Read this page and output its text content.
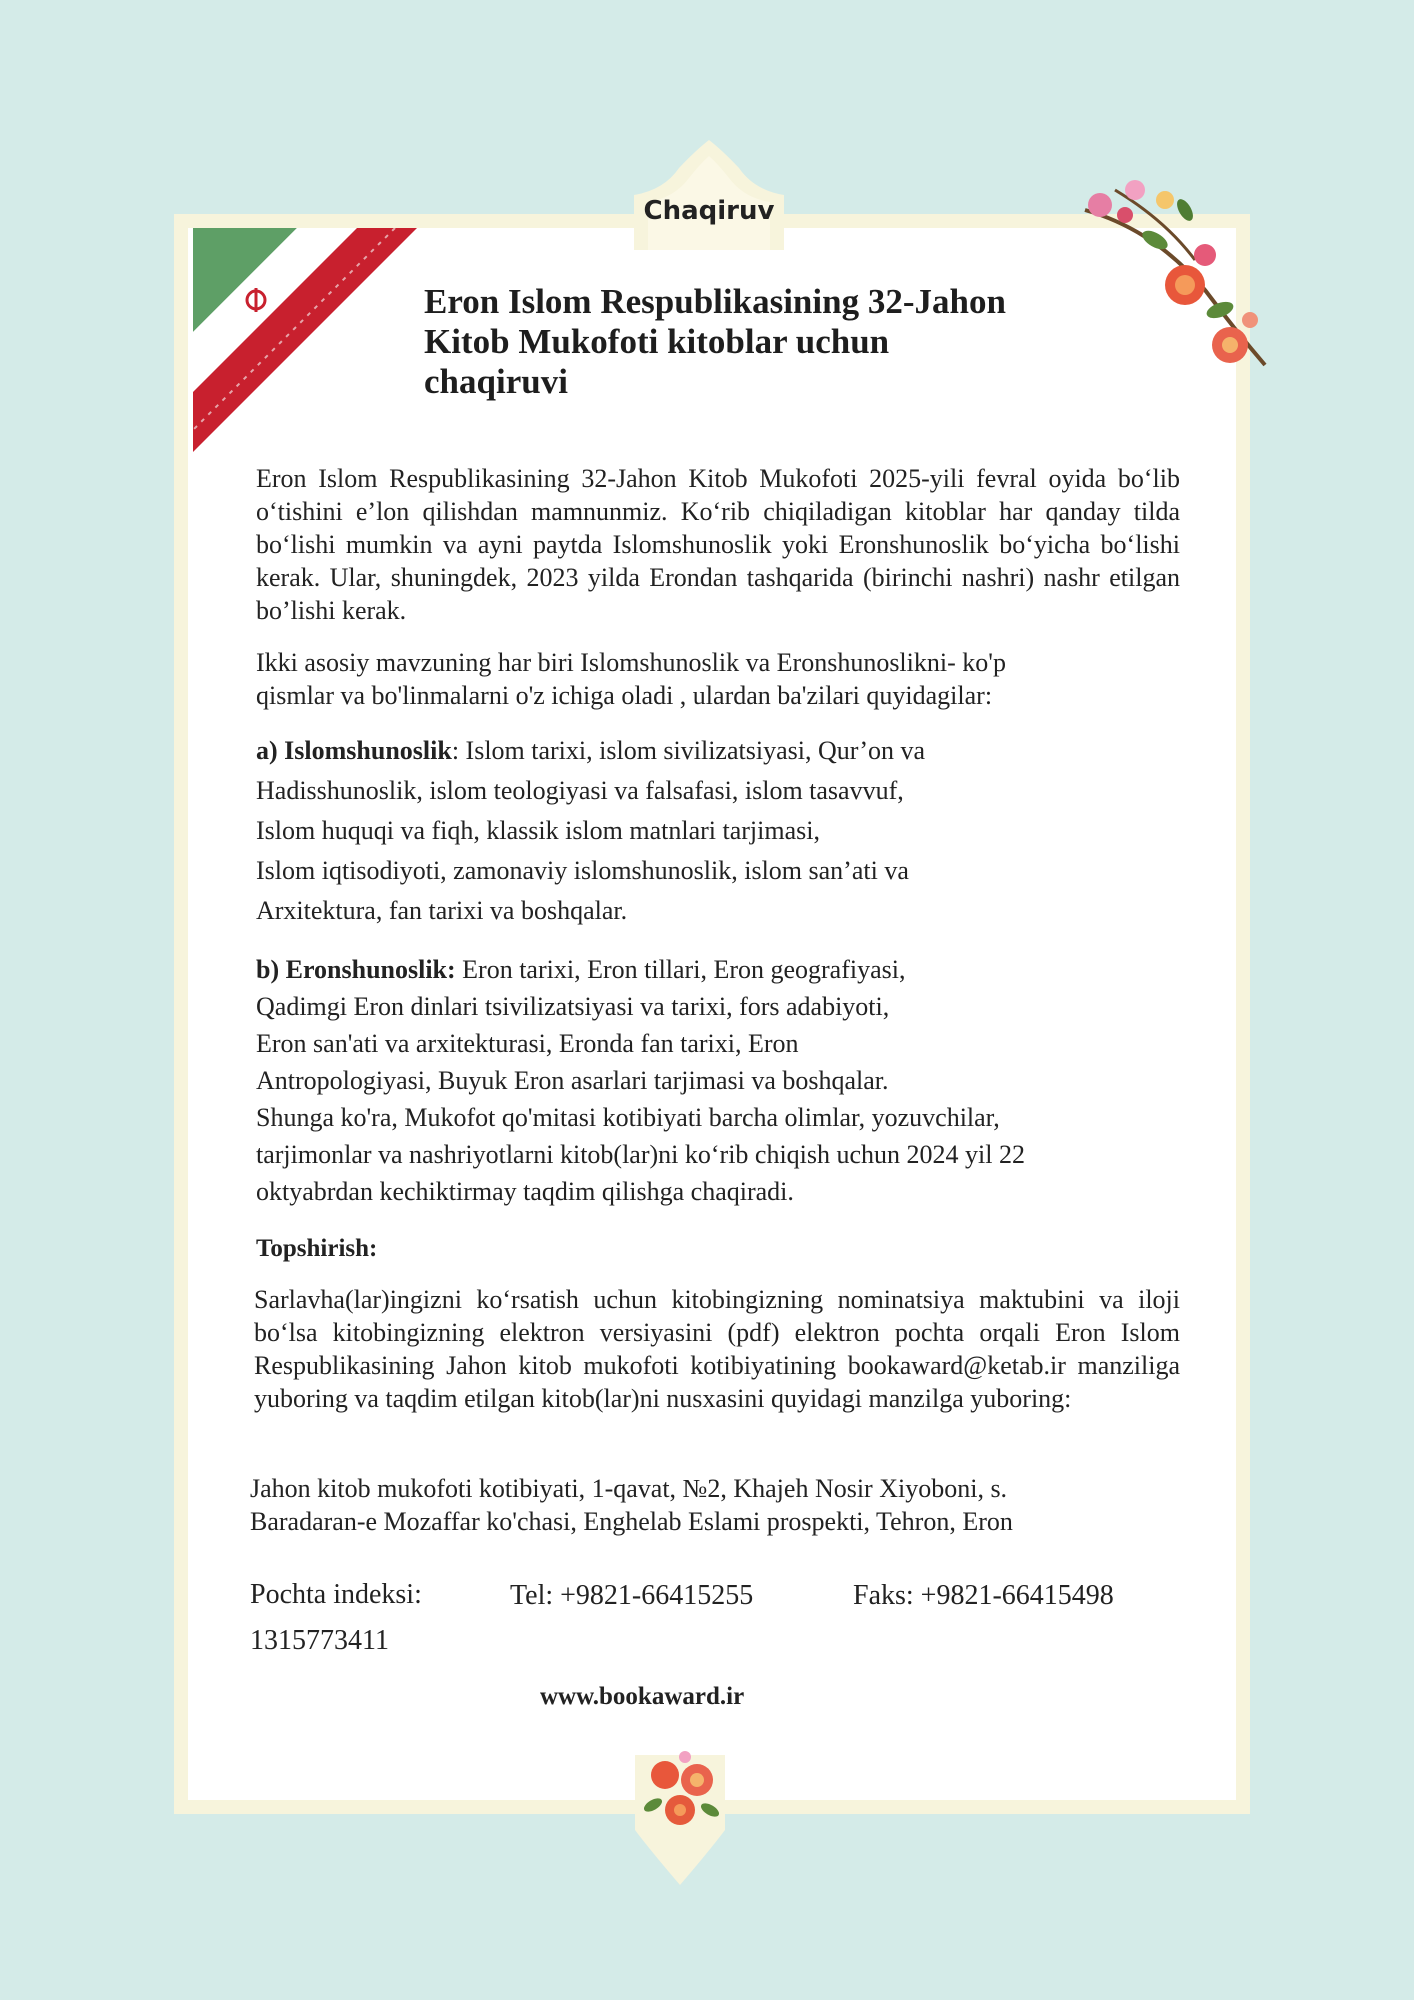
Chaqiruv
Eron Islom Respublikasining 32-Jahon
Kitob Mukofoti kitoblar uchun
chaqiruvi

Eron Islom Respublikasining 32-Jahon Kitob Mukofoti 2025-yili fevral oyida boʻlib oʻtishini eʼlon qilishdan mamnunmiz. Koʻrib chiqiladigan kitoblar har qanday tilda boʻlishi mumkin va ayni paytda Islomshunoslik yoki Eronshunoslik boʻyicha boʻlishi kerak. Ular, shuningdek, 2023 yilda Erondan tashqarida (birinchi nashri) nashr etilgan bo’lishi kerak.

Ikki asosiy mavzuning har biri Islomshunoslik va Eronshunoslikni- ko'p
qismlar va bo'linmalarni o'z ichiga oladi , ulardan ba'zilari quyidagilar:
a) Islomshunoslik: Islom tarixi, islom sivilizatsiyasi, Qur’on va
Hadisshunoslik, islom teologiyasi va falsafasi, islom tasavvuf,
Islom huquqi va fiqh, klassik islom matnlari tarjimasi,
Islom iqtisodiyoti, zamonaviy islomshunoslik, islom sanʼati va
Arxitektura, fan tarixi va boshqalar.
b) Eronshunoslik: Eron tarixi, Eron tillari, Eron geografiyasi,
Qadimgi Eron dinlari tsivilizatsiyasi va tarixi, fors adabiyoti,
Eron san'ati va arxitekturasi, Eronda fan tarixi, Eron
Antropologiyasi, Buyuk Eron asarlari tarjimasi va boshqalar.
Shunga ko'ra, Mukofot qo'mitasi kotibiyati barcha olimlar, yozuvchilar,
tarjimonlar va nashriyotlarni kitob(lar)ni koʻrib chiqish uchun 2024 yil 22
oktyabrdan kechiktirmay taqdim qilishga chaqiradi.
Topshirish:

Sarlavha(lar)ingizni koʻrsatish uchun kitobingizning nominatsiya maktubini va iloji boʻlsa kitobingizning elektron versiyasini (pdf) elektron pochta orqali Eron Islom Respublikasining Jahon kitob mukofoti kotibiyatining bookaward@ketab.ir manziliga yuboring va taqdim etilgan kitob(lar)ni nusxasini quyidagi manzilga yuboring:

Jahon kitob mukofoti kotibiyati, 1-qavat, №2, Khajeh Nosir Xiyoboni, s.
Baradaran-e Mozaffar ko'chasi, Enghelab Eslami prospekti, Tehron, Eron
Pochta indeksi:
1315773411
Tel: +9821-66415255	Faks: +9821-66415498
www.bookaward.ir
